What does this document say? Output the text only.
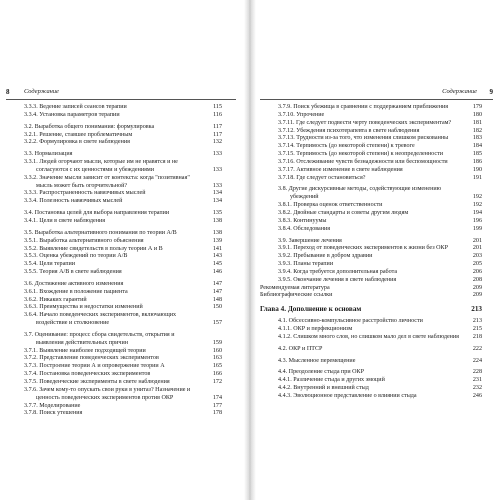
8 Содержание
3.3.3. Ведение записей сеансов терапии	115
3.3.4. Установка параметров терапии	116
3.2. Выработка общего понимания: формулировка	117
3.2.1. Решение, ставшее проблематичным	117
3.2.2. Формулировка в свете наблюдения	132
3.3. Нормализация	133
3.3.1. Людей огорчают мысли, которые им не нравятся и не согласуются с их ценностями и убеждениями	133
3.3.2. Значение мысли зависит от контекста: когда "позитивная" мысль может быть огорчительной?	133
3.3.3. Распространенность навязчивых мыслей	134
3.3.4. Полезность навязчивых мыслей	134
3.4. Постановка целей для выбора направления терапии	135
3.4.1. Цели в свете наблюдения	138
3.5. Выработка альтернативного понимания по теории А/В	138
3.5.1. Выработка альтернативного объяснения	139
3.5.2. Выявление свидетельств в пользу теории А и В	141
3.5.3. Оценка убеждений по теории А/В	143
3.5.4. Цели терапии	145
3.5.5. Теория А/В в свете наблюдения	146
3.6. Достижение активного изменения	147
3.6.1. Вхождение в положение пациента	147
3.6.2. Никаких гарантий	148
3.6.3. Преимущества и недостатки изменений	150
3.6.4. Начало поведенческих экспериментов, включающих воздействие и столкновение	157
3.7. Оценивание: процесс сбора свидетельств, открытия и выявления действительных причин	159
3.7.1. Выявление наиболее подходящей теории	160
3.7.2. Представление поведенческих экспериментов	163
3.7.3. Построение теории А и опровержение теории А	165
3.7.4. Постановка поведенческих экспериментов	166
3.7.5. Поведенческие эксперименты в свете наблюдения	172
3.7.6. Зачем кому-то опускать свои руки в унитаз? Назначение и ценность поведенческих экспериментов против ОКР	174
3.7.7. Моделирование	177
3.7.8. Поиск утешения	178
Содержание 9
3.7.9. Поиск убежища в сравнении с поддержанием приближения	179
3.7.10. Упрочение	180
3.7.11. Где следует подвести черту поведенческих экспериментам?	181
3.7.12. Убеждения психотерапевта в свете наблюдения	182
3.7.13. Трудности из-за того, что изменения слишком рискованны	183
3.7.14. Терпимость (до некоторой степени) к тревоге	184
3.7.15. Терпимость (до некоторой степени) к неопределенности	185
3.7.16. Отслеживание чувств безнадежности или беспомощности	186
3.7.17. Активное изменение в свете наблюдения	190
3.7.18. Где следует остановиться?	191
3.8. Другие дискурсивные методы, содействующие изменению убеждений	192
3.8.1. Проверка оценок ответственности	192
3.8.2. Двойные стандарты и советы другим людям	194
3.8.3. Континуумы	196
3.8.4. Обследования	199
3.9. Завершение лечения	201
3.9.1. Переход от поведенческих экспериментов к жизни без ОКР	201
3.9.2. Пребывание в добром здравии	203
3.9.3. Планы терапии	205
3.9.4. Когда требуется дополнительная работа	206
3.9.5. Окончание лечения в свете наблюдения	208
Рекомендуемая литература	209
Библиографические ссылки	209
Глава 4. Дополнение к основам	213
4.1. Обсессивно-компульсивное расстройство личности	213
4.1.1. ОКР и перфекционизм	215
4.1.2. Слишком много слов, но слишком мало дел в свете наблюдения	218
4.2. ОКР и ПТСР	222
4.3. Мысленное перемещение	224
4.4. Преодоление стыда при ОКР	228
4.4.1. Различение стыда и других эмоций	231
4.4.2. Внутренний и внешний стыд	232
4.4.3. Эволюционное представление о влиянии стыда	246
